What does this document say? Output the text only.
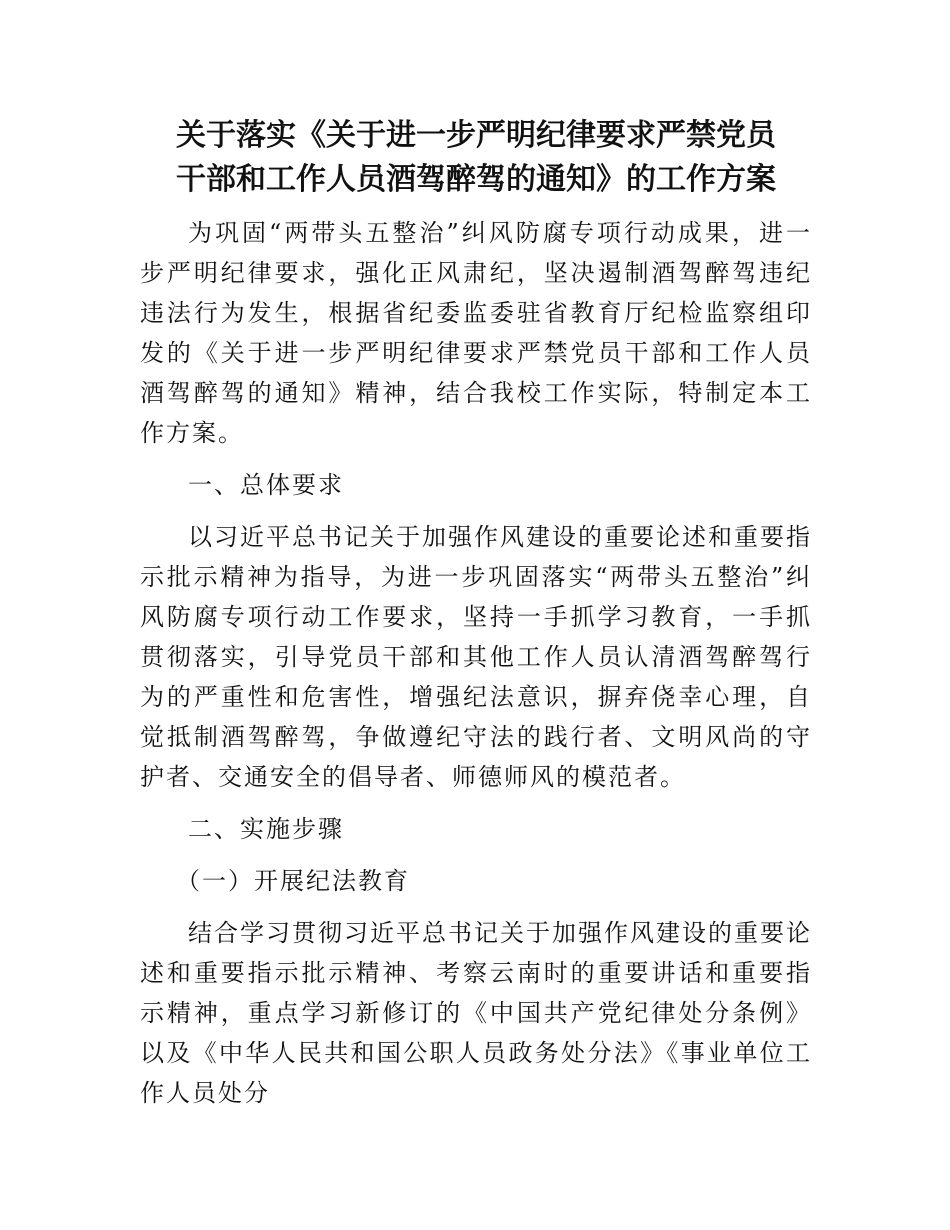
关于落实《关于进一步严明纪律要求严禁党员
干部和工作人员酒驾醉驾的通知》的工作方案

为巩固“两带头五整治”纠风防腐专项行动成果，进一步严明纪律要求，强化正风肃纪，坚决遏制酒驾醉驾违纪违法行为发生，根据省纪委监委驻省教育厅纪检监察组印发的《关于进一步严明纪律要求严禁党员干部和工作人员酒驾醉驾的通知》精神，结合我校工作实际，特制定本工作方案。

一、总体要求

以习近平总书记关于加强作风建设的重要论述和重要指示批示精神为指导，为进一步巩固落实“两带头五整治”纠风防腐专项行动工作要求，坚持一手抓学习教育，一手抓贯彻落实，引导党员干部和其他工作人员认清酒驾醉驾行为的严重性和危害性，增强纪法意识，摒弃侥幸心理，自觉抵制酒驾醉驾，争做遵纪守法的践行者、文明风尚的守护者、交通安全的倡导者、师德师风的模范者。

二、实施步骤

（一）开展纪法教育

结合学习贯彻习近平总书记关于加强作风建设的重要论述和重要指示批示精神、考察云南时的重要讲话和重要指示精神，重点学习新修订的《中国共产党纪律处分条例》以及《中华人民共和国公职人员政务处分法》《事业单位工作人员处分
